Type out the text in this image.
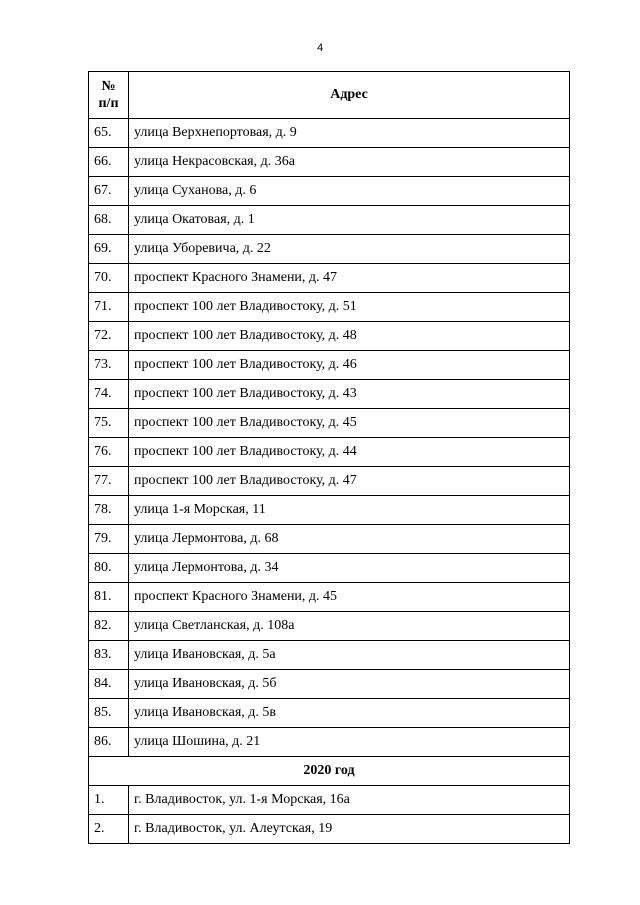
4
№
п/п	Адрес
65.	улица Верхнепортовая, д. 9
66.	улица Некрасовская, д. 36а
67.	улица Суханова, д. 6
68.	улица Окатовая, д. 1
69.	улица Уборевича, д. 22
70.	проспект Красного Знамени, д. 47
71.	проспект 100 лет Владивостоку, д. 51
72.	проспект 100 лет Владивостоку, д. 48
73.	проспект 100 лет Владивостоку, д. 46
74.	проспект 100 лет Владивостоку, д. 43
75.	проспект 100 лет Владивостоку, д. 45
76.	проспект 100 лет Владивостоку, д. 44
77.	проспект 100 лет Владивостоку, д. 47
78.	улица 1-я Морская, 11
79.	улица Лермонтова, д. 68
80.	улица Лермонтова, д. 34
81.	проспект Красного Знамени, д. 45
82.	улица Светланская, д. 108а
83.	улица Ивановская, д. 5а
84.	улица Ивановская, д. 5б
85.	улица Ивановская, д. 5в
86.	улица Шошина, д. 21
2020 год	
1.	г. Владивосток, ул. 1-я Морская, 16а
2.	г. Владивосток, ул. Алеутская, 19
